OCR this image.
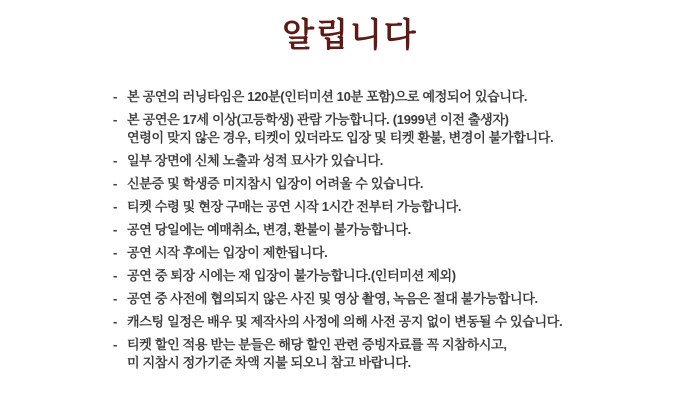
알립니다
- 본 공연의 러닝타임은 120분(인터미션 10분 포함)으로 예정되어 있습니다.
- 본 공연은 17세 이상(고등학생) 관람 가능합니다. (1999년 이전 출생자)
연령이 맞지 않은 경우, 티켓이 있더라도 입장 및 티켓 환불, 변경이 불가합니다.
- 일부 장면에 신체 노출과 성적 묘사가 있습니다.
- 신분증 및 학생증 미지참시 입장이 어려울 수 있습니다.
- 티켓 수령 및 현장 구매는 공연 시작 1시간 전부터 가능합니다.
- 공연 당일에는 예매취소, 변경, 환불이 불가능합니다.
- 공연 시작 후에는 입장이 제한됩니다.
- 공연 중 퇴장 시에는 재 입장이 불가능합니다.(인터미션 제외)
- 공연 중 사전에 협의되지 않은 사진 및 영상 촬영, 녹음은 절대 불가능합니다.
- 캐스팅 일정은 배우 및 제작사의 사정에 의해 사전 공지 없이 변동될 수 있습니다.
- 티켓 할인 적용 받는 분들은 해당 할인 관련 증빙자료를 꼭 지참하시고,
미 지참시 정가기준 차액 지불 되오니 참고 바랍니다.
